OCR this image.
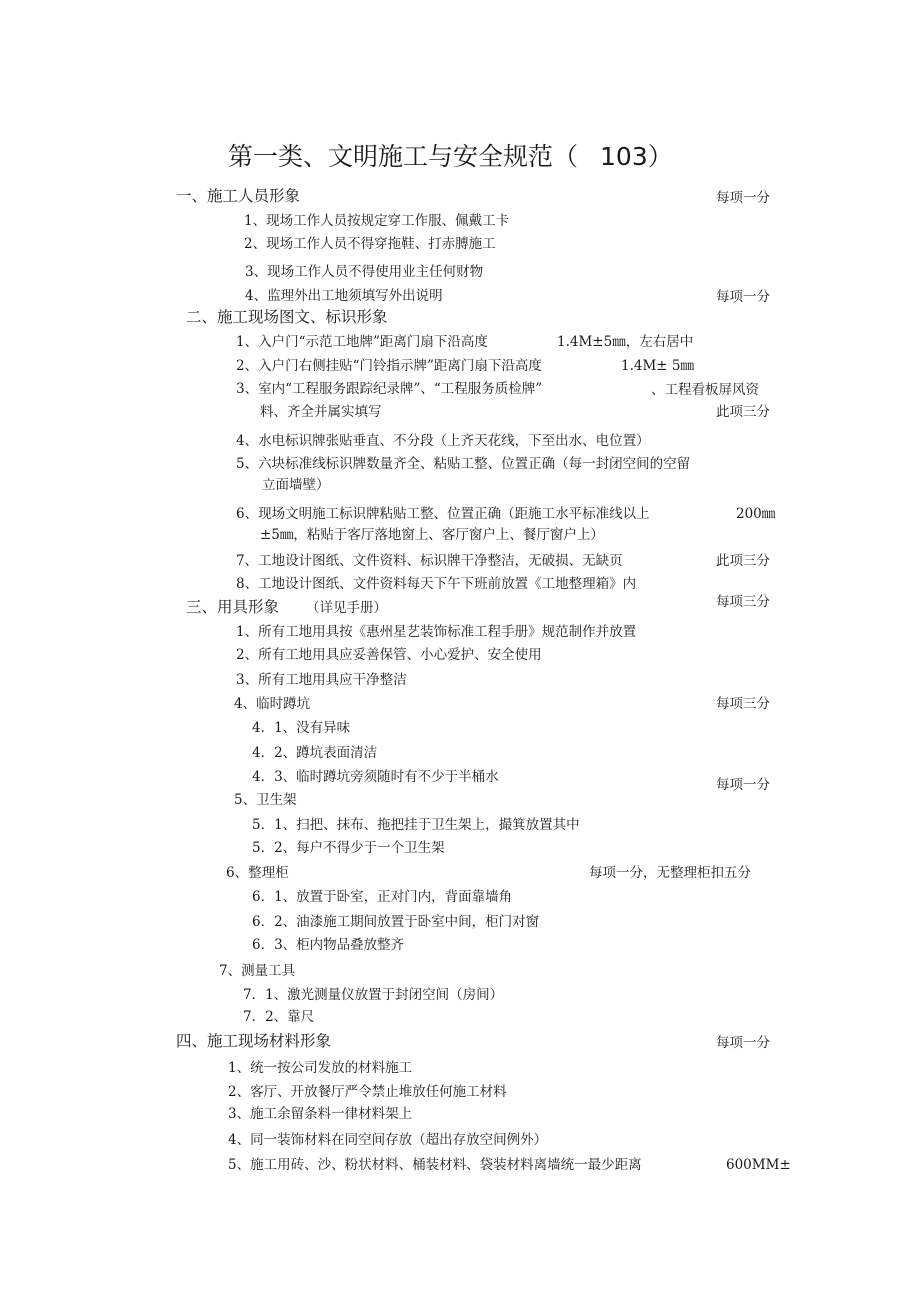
第一类、文明施工与安全规范（ 103）
一、施工人员形象	每项一分
1、现场工作人员按规定穿工作服、佩戴工卡
2、现场工作人员不得穿拖鞋、打赤膊施工
3、现场工作人员不得使用业主任何财物
4、监理外出工地须填写外出说明	每项一分
二、施工现场图文、标识形象
1、入户门“示范工地牌”距离门扇下沿高度	1.4M±5㎜，左右居中
2、入户门右侧挂贴“门铃指示牌”距离门扇下沿高度	1.4M± 5㎜
3、室内“工程服务跟踪纪录牌”、“工程服务质检牌”	、工程看板屏风资
料、齐全并属实填写	此项三分
4、水电标识牌张贴垂直、不分段（上齐天花线，下至出水、电位置）
5、六块标准线标识牌数量齐全、粘贴工整、位置正确（每一封闭空间的空留
立面墙壁）
6、现场文明施工标识牌粘贴工整、位置正确（距施工水平标准线以上	200㎜
±5㎜，粘贴于客厅落地窗上、客厅窗户上、餐厅窗户上）
7、工地设计图纸、文件资料、标识牌干净整洁，无破损、无缺页	此项三分
8、工地设计图纸、文件资料每天下午下班前放置《工地整理箱》内
三、用具形象 （详见手册）	每项三分
1、所有工地用具按《惠州星艺装饰标准工程手册》规范制作并放置
2、所有工地用具应妥善保管、小心爱护、安全使用
3、所有工地用具应干净整洁
4、临时蹲坑	每项三分
4．1、没有异味
4．2、蹲坑表面清洁
4．3、临时蹲坑旁须随时有不少于半桶水	每项一分
5、卫生架
5．1、扫把、抹布、拖把挂于卫生架上，撮箕放置其中
5．2、每户不得少于一个卫生架
6、整理柜	每项一分，无整理柜扣五分
6．1、放置于卧室，正对门内，背面靠墙角
6．2、油漆施工期间放置于卧室中间，柜门对窗
6．3、柜内物品叠放整齐
7、测量工具
7．1、激光测量仪放置于封闭空间（房间）
7．2、靠尺
四、施工现场材料形象	每项一分
1、统一按公司发放的材料施工
2、客厅、开放餐厅严令禁止堆放任何施工材料
3、施工余留条料一律材料架上
4、同一装饰材料在同空间存放（超出存放空间例外）
5、施工用砖、沙、粉状材料、桶装材料、袋装材料离墙统一最少距离	600MM±
